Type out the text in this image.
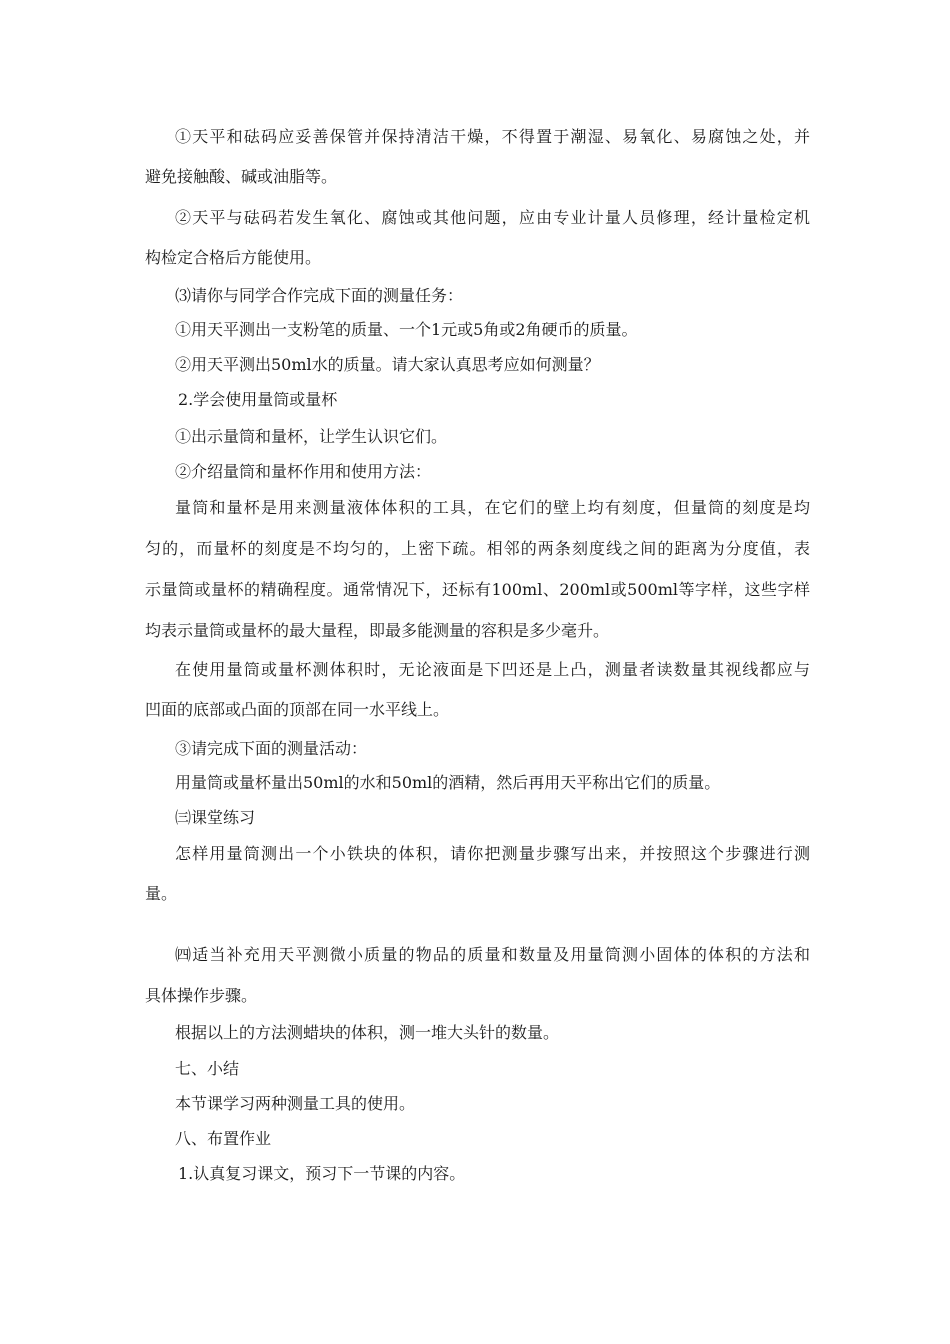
①天平和砝码应妥善保管并保持清洁干燥，不得置于潮湿、易氧化、易腐蚀之处，并
避免接触酸、碱或油脂等。
②天平与砝码若发生氧化、腐蚀或其他问题，应由专业计量人员修理，经计量检定机
构检定合格后方能使用。
⑶请你与同学合作完成下面的测量任务：
①用天平测出一支粉笔的质量、一个1元或5角或2角硬币的质量。
②用天平测出50ml水的质量。请大家认真思考应如何测量？
2.学会使用量筒或量杯
①出示量筒和量杯，让学生认识它们。
②介绍量筒和量杯作用和使用方法：
量筒和量杯是用来测量液体体积的工具，在它们的壁上均有刻度，但量筒的刻度是均
匀的，而量杯的刻度是不均匀的，上密下疏。相邻的两条刻度线之间的距离为分度值，表
示量筒或量杯的精确程度。通常情况下，还标有100ml、200ml或500ml等字样，这些字样
均表示量筒或量杯的最大量程，即最多能测量的容积是多少毫升。
在使用量筒或量杯测体积时，无论液面是下凹还是上凸，测量者读数量其视线都应与
凹面的底部或凸面的顶部在同一水平线上。
③请完成下面的测量活动：
用量筒或量杯量出50ml的水和50ml的酒精，然后再用天平称出它们的质量。
㈢课堂练习
怎样用量筒测出一个小铁块的体积，请你把测量步骤写出来，并按照这个步骤进行测
量。
㈣适当补充用天平测微小质量的物品的质量和数量及用量筒测小固体的体积的方法和
具体操作步骤。
根据以上的方法测蜡块的体积，测一堆大头针的数量。
七、小结
本节课学习两种测量工具的使用。
八、布置作业
1.认真复习课文，预习下一节课的内容。
